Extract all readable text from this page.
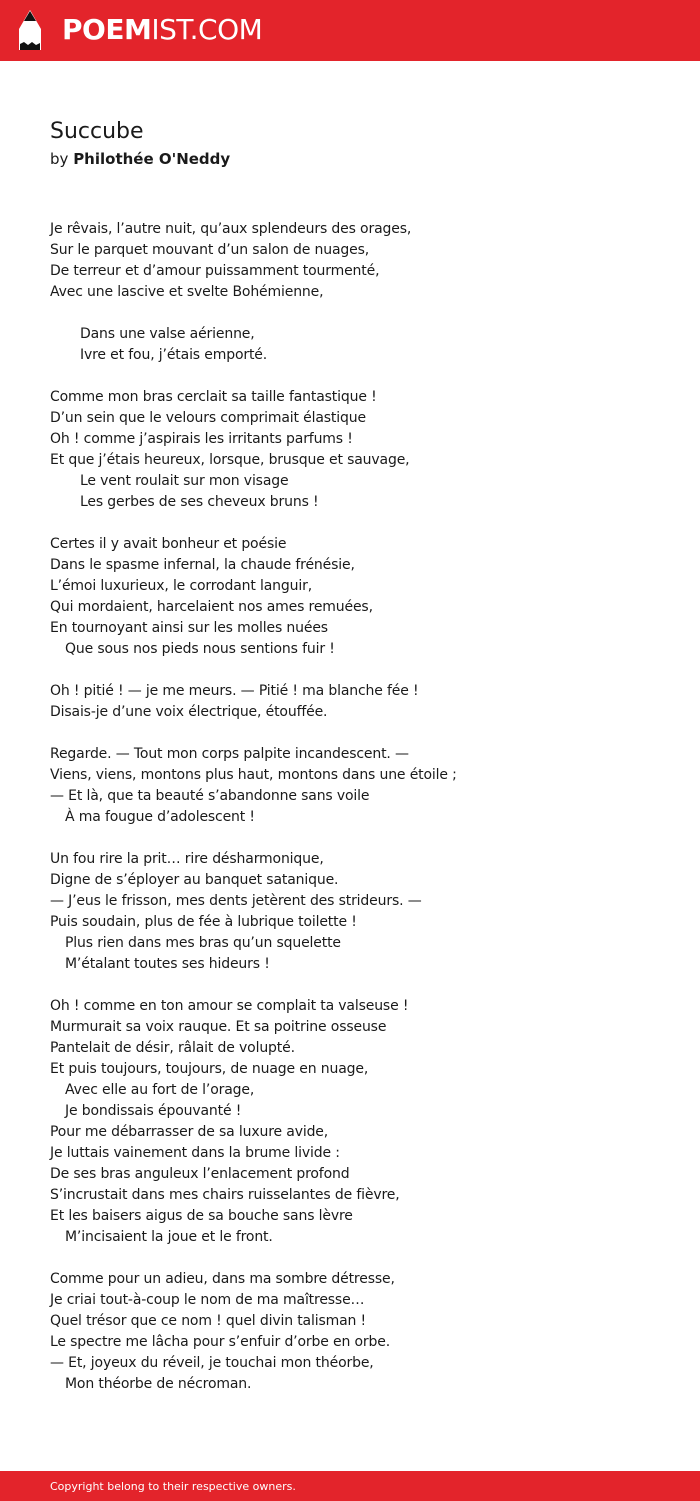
POEMIST.COM
Succube
by Philothée O'Neddy
Je rêvais, l’autre nuit, qu’aux splendeurs des orages,
Sur le parquet mouvant d’un salon de nuages,
De terreur et d’amour puissamment tourmenté,
Avec une lascive et svelte Bohémienne,
Dans une valse aérienne,
Ivre et fou, j’étais emporté.
Comme mon bras cerclait sa taille fantastique !
D’un sein que le velours comprimait élastique
Oh ! comme j’aspirais les irritants parfums !
Et que j’étais heureux, lorsque, brusque et sauvage,
Le vent roulait sur mon visage
Les gerbes de ses cheveux bruns !
Certes il y avait bonheur et poésie
Dans le spasme infernal, la chaude frénésie,
L’émoi luxurieux, le corrodant languir,
Qui mordaient, harcelaient nos ames remuées,
En tournoyant ainsi sur les molles nuées
Que sous nos pieds nous sentions fuir !
Oh ! pitié ! — je me meurs. — Pitié ! ma blanche fée !
Disais-je d’une voix électrique, étouffée.
Regarde. — Tout mon corps palpite incandescent. —
Viens, viens, montons plus haut, montons dans une étoile ;
— Et là, que ta beauté s’abandonne sans voile
À ma fougue d’adolescent !
Un fou rire la prit… rire désharmonique,
Digne de s’éployer au banquet satanique.
— J’eus le frisson, mes dents jetèrent des strideurs. —
Puis soudain, plus de fée à lubrique toilette !
Plus rien dans mes bras qu’un squelette
M’étalant toutes ses hideurs !
Oh ! comme en ton amour se complait ta valseuse !
Murmurait sa voix rauque. Et sa poitrine osseuse
Pantelait de désir, râlait de volupté.
Et puis toujours, toujours, de nuage en nuage,
Avec elle au fort de l’orage,
Je bondissais épouvanté !
Pour me débarrasser de sa luxure avide,
Je luttais vainement dans la brume livide :
De ses bras anguleux l’enlacement profond
S’incrustait dans mes chairs ruisselantes de fièvre,
Et les baisers aigus de sa bouche sans lèvre
M’incisaient la joue et le front.
Comme pour un adieu, dans ma sombre détresse,
Je criai tout-à-coup le nom de ma maîtresse…
Quel trésor que ce nom ! quel divin talisman !
Le spectre me lâcha pour s’enfuir d’orbe en orbe.
— Et, joyeux du réveil, je touchai mon théorbe,
Mon théorbe de nécroman.
Copyright belong to their respective owners.
